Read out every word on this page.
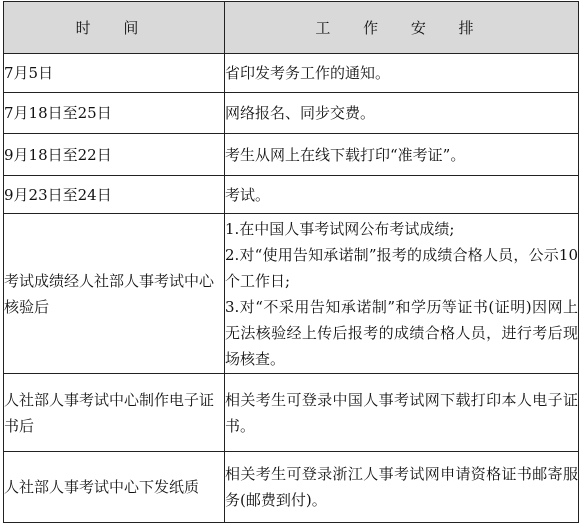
时 间	工 作 安 排
7月5日	省印发考务工作的通知。

7月18日至25日	网络报名、同步交费。

9月18日至22日	考生从网上在线下载打印“准考证”。

9月23日至24日	考试。

考试成绩经人社部人事考试中心核验后	1.在中国人事考试网公布考试成绩;
2.对“使用告知承诺制”报考的成绩合格人员，公示10个工作日;
3.对“不采用告知承诺制”和学历等证书(证明)因网上无法核验经上传后报考的成绩合格人员，进行考后现场核查。

人社部人事考试中心制作电子证书后	相关考生可登录中国人事考试网下载打印本人电子证书。

人社部人事考试中心下发纸质	相关考生可登录浙江人事考试网申请资格证书邮寄服务(邮费到付)。
